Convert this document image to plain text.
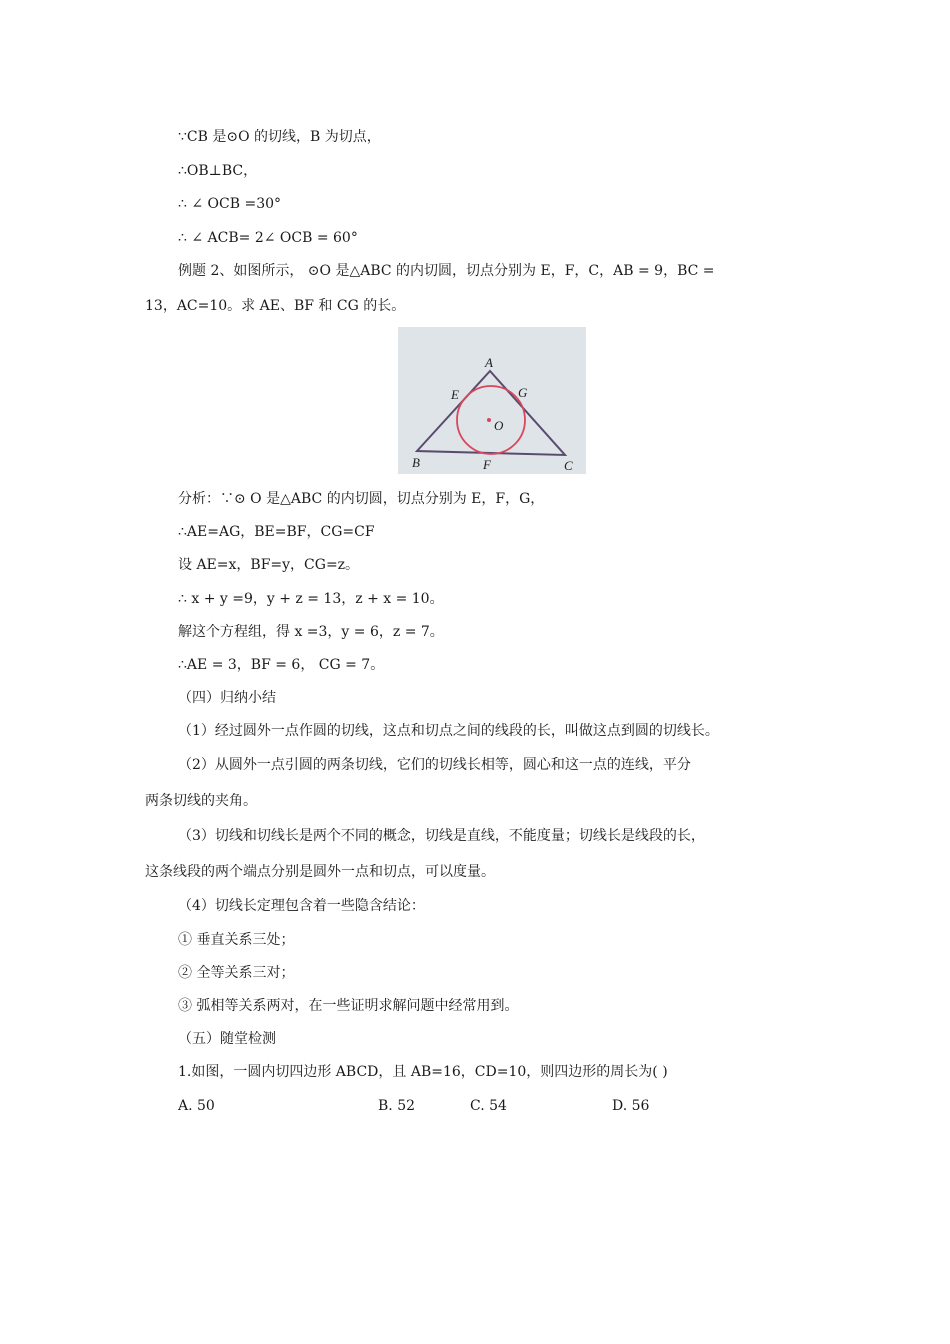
∵CB 是⊙O 的切线，B 为切点，
∴OB⊥BC，
∴ ∠ OCB =30°
∴ ∠ ACB= 2∠ OCB = 60°
例题 2、如图所示， ⊙O 是△ABC 的内切圆，切点分别为 E，F，C，AB = 9，BC =
13，AC=10。求 AE、BF 和 CG 的长。
A
E	G
O
B	F	C
分析：∵⊙ O 是△ABC 的内切圆，切点分别为 E，F，G，
∴AE=AG，BE=BF，CG=CF
设 AE=x，BF=y，CG=z。
∴ x + y =9，y + z = 13，z + x = 10。
解这个方程组，得 x =3，y = 6，z = 7。
∴AE = 3，BF = 6， CG = 7。
（四）归纳小结
（1）经过圆外一点作圆的切线，这点和切点之间的线段的长，叫做这点到圆的切线长。
（2）从圆外一点引圆的两条切线，它们的切线长相等，圆心和这一点的连线，平分
两条切线的夹角。
（3）切线和切线长是两个不同的概念，切线是直线，不能度量；切线长是线段的长，
这条线段的两个端点分别是圆外一点和切点，可以度量。
（4）切线长定理包含着一些隐含结论：
① 垂直关系三处；
② 全等关系三对；
③ 弧相等关系两对，在一些证明求解问题中经常用到。
（五）随堂检测
1.如图，一圆内切四边形 ABCD，且 AB=16，CD=10，则四边形的周长为( )
A. 50	B. 52	C. 54	D. 56
